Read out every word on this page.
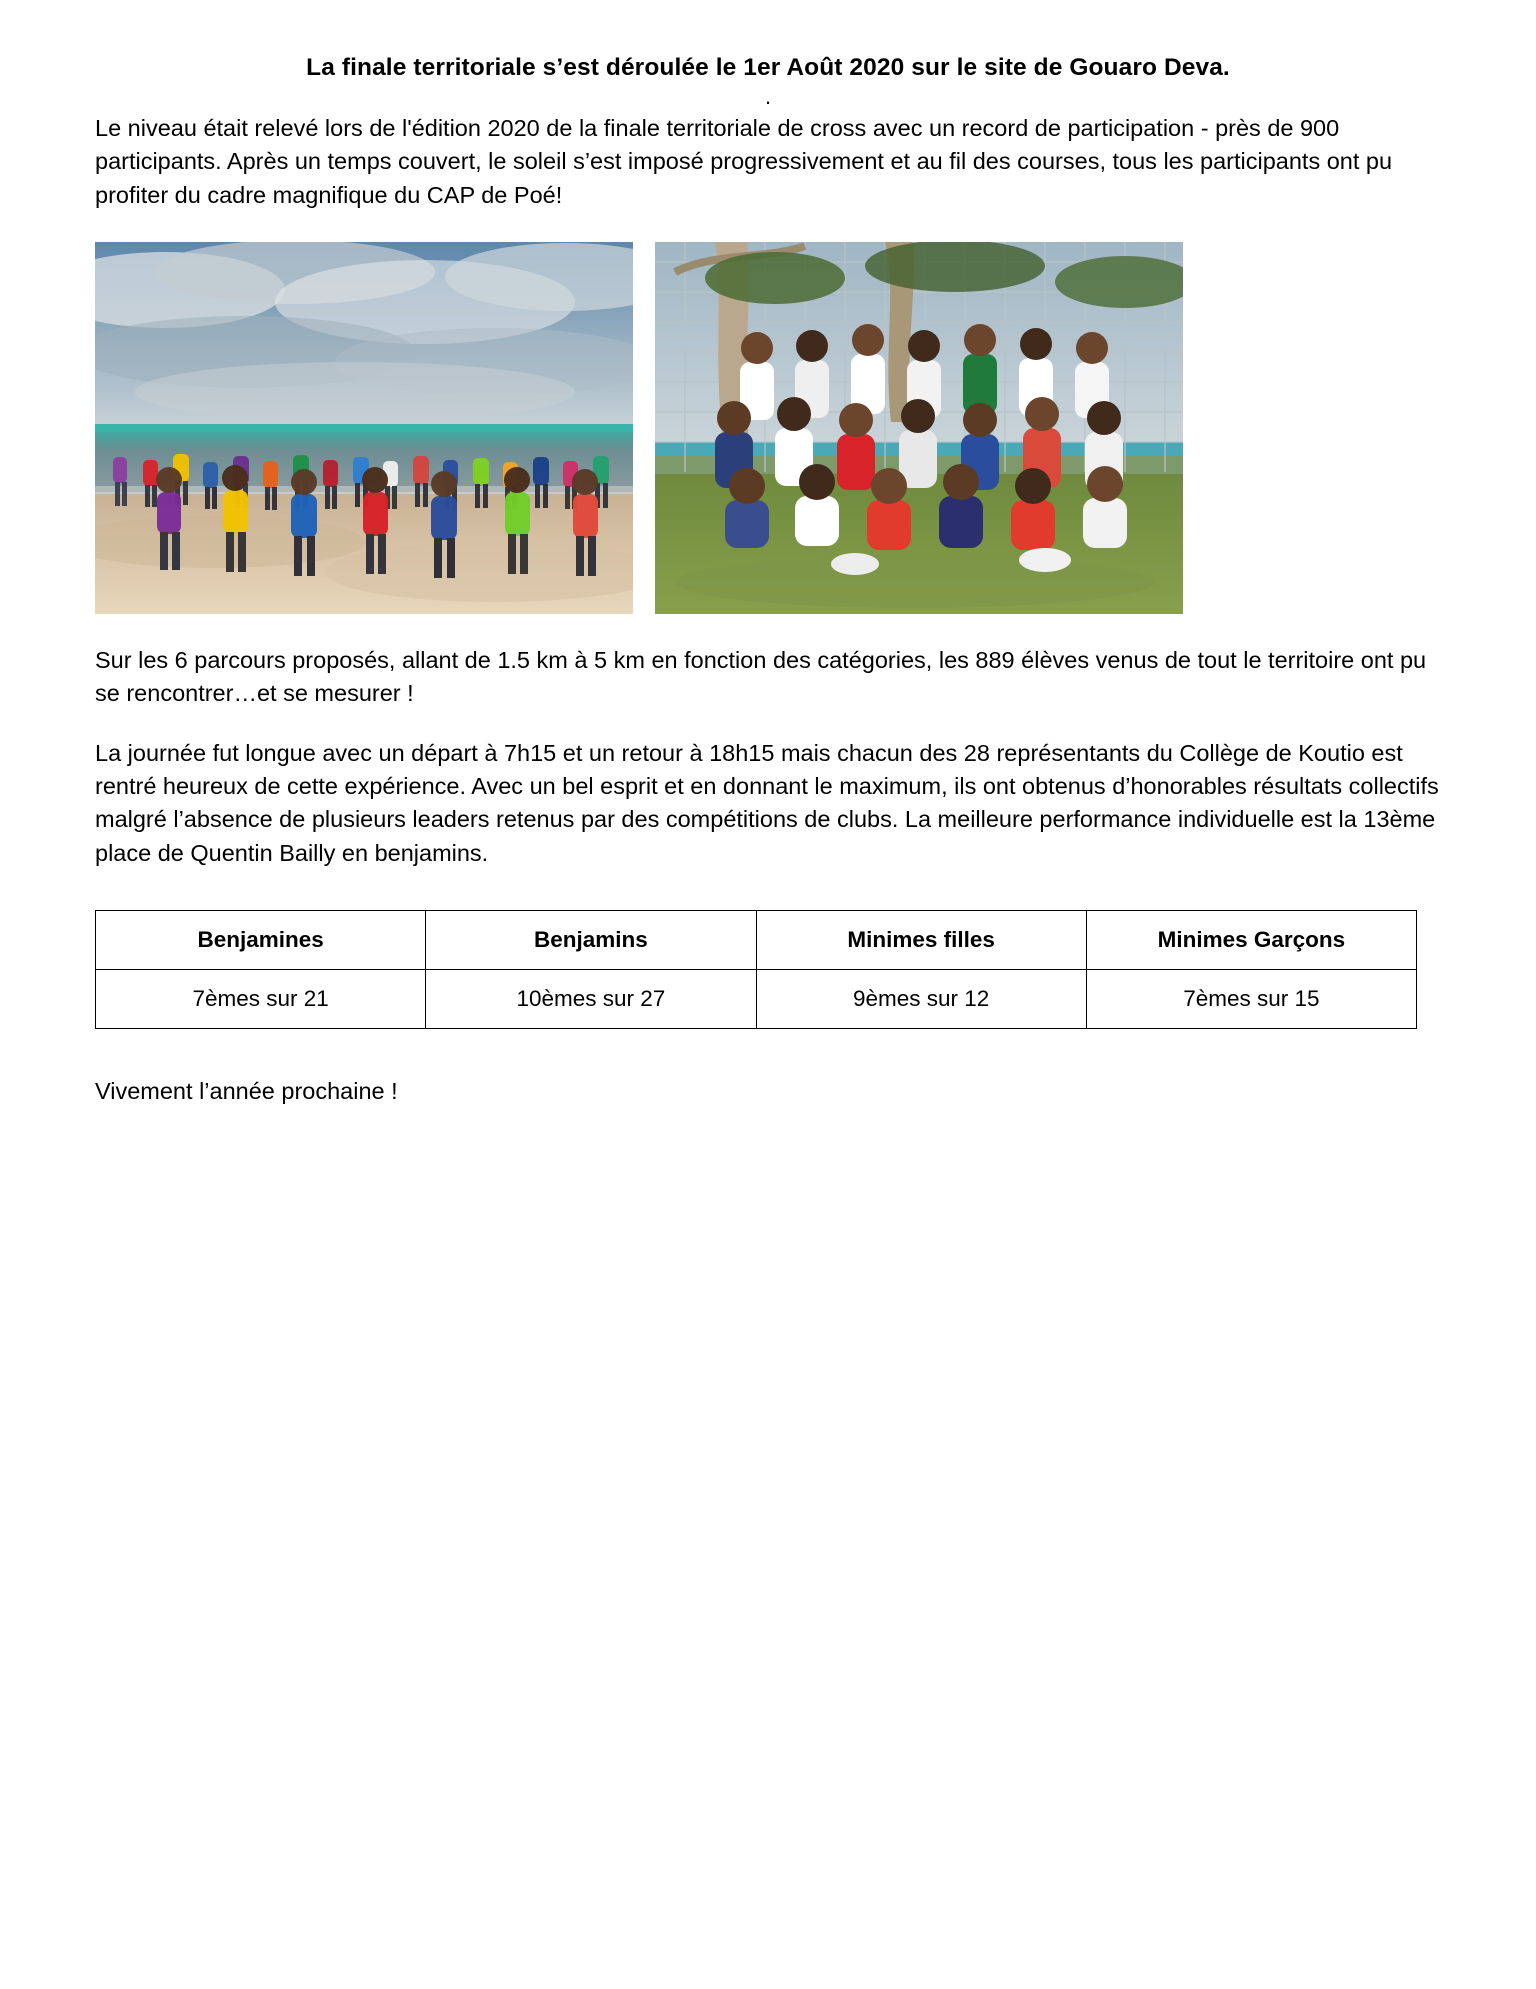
La finale territoriale s’est déroulée le 1er Août 2020 sur le site de Gouaro Deva.
.

Le niveau était relevé lors de l'édition 2020 de la finale territoriale de cross avec un record de participation - près de 900 participants. Après un temps couvert, le soleil s’est imposé progressivement et au fil des courses, tous les participants ont pu profiter du cadre magnifique du CAP de Poé!

Sur les 6 parcours proposés, allant de 1.5 km à 5 km en fonction des catégories, les 889 élèves venus de tout le territoire ont pu se rencontrer…et se mesurer !

La journée fut longue avec un départ à 7h15 et un retour à 18h15 mais chacun des 28 représentants du Collège de Koutio est rentré heureux de cette expérience. Avec un bel esprit et en donnant le maximum, ils ont obtenus d’honorables résultats collectifs malgré l’absence de plusieurs leaders retenus par des compétitions de clubs. La meilleure performance individuelle est la 13ème place de Quentin Bailly en benjamins.

Benjamines	Benjamins	Minimes filles	Minimes Garçons
7èmes sur 21	10èmes sur 27	9èmes sur 12	7èmes sur 15

Vivement l’année prochaine !
